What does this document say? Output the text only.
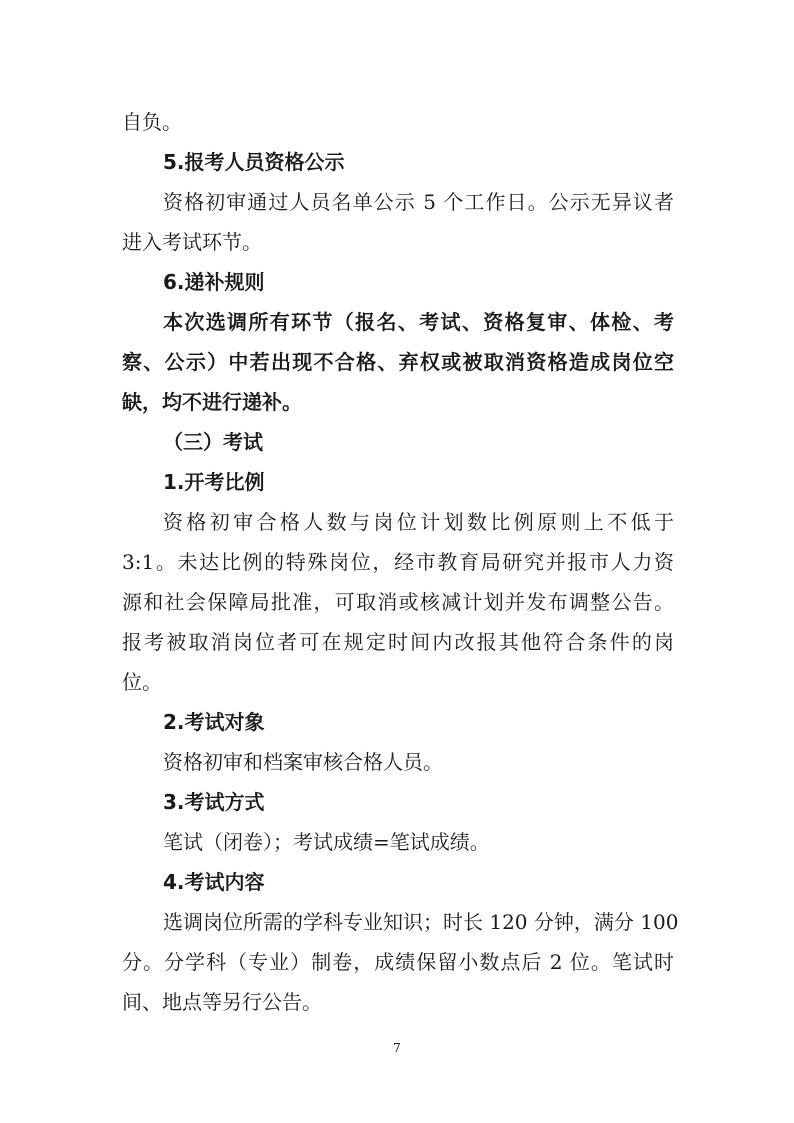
自负。
5.报考人员资格公示
资格初审通过人员名单公示 5 个工作日。公示无异议者
进入考试环节。
6.递补规则
本次选调所有环节（报名、考试、资格复审、体检、考
察、公示）中若出现不合格、弃权或被取消资格造成岗位空
缺，均不进行递补。
（三）考试
1.开考比例
资格初审合格人数与岗位计划数比例原则上不低于
3:1。未达比例的特殊岗位，经市教育局研究并报市人力资
源和社会保障局批准，可取消或核减计划并发布调整公告。
报考被取消岗位者可在规定时间内改报其他符合条件的岗
位。
2.考试对象
资格初审和档案审核合格人员。
3.考试方式
笔试（闭卷）；考试成绩=笔试成绩。
4.考试内容
选调岗位所需的学科专业知识；时长 120 分钟，满分 100
分。分学科（专业）制卷，成绩保留小数点后 2 位。笔试时
间、地点等另行公告。
7
